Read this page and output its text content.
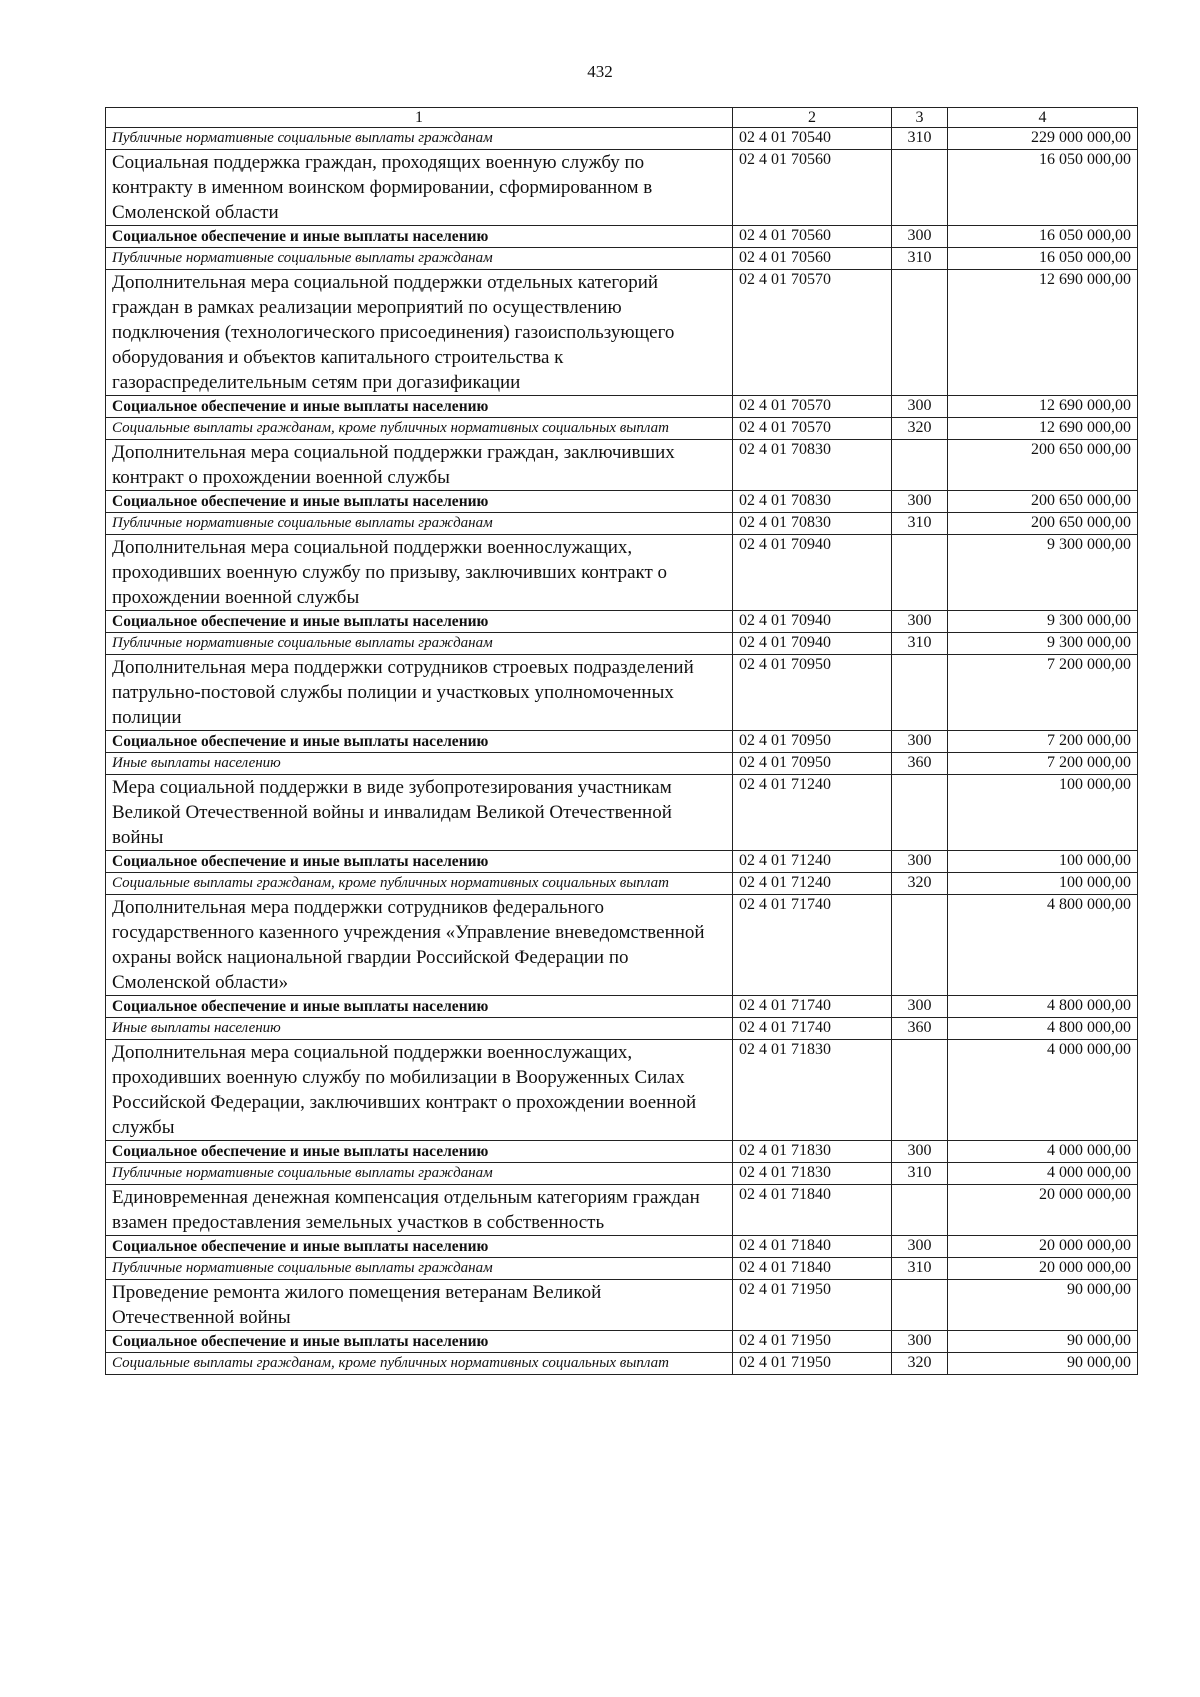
432
1	2	3	4
Публичные нормативные социальные выплаты гражданам	02 4 01 70540	310	229 000 000,00
Социальная поддержка граждан, проходящих военную службу по контракту в именном воинском формировании, сформированном в Смоленской области	02 4 01 70560		16 050 000,00
Социальное обеспечение и иные выплаты населению	02 4 01 70560	300	16 050 000,00
Публичные нормативные социальные выплаты гражданам	02 4 01 70560	310	16 050 000,00
Дополнительная мера социальной поддержки отдельных категорий граждан в рамках реализации мероприятий по осуществлению подключения (технологического присоединения) газоиспользующего оборудования и объектов капитального строительства к газораспределительным сетям при догазификации	02 4 01 70570		12 690 000,00
Социальное обеспечение и иные выплаты населению	02 4 01 70570	300	12 690 000,00
Социальные выплаты гражданам, кроме публичных нормативных социальных выплат	02 4 01 70570	320	12 690 000,00
Дополнительная мера социальной поддержки граждан, заключивших контракт о прохождении военной службы	02 4 01 70830		200 650 000,00
Социальное обеспечение и иные выплаты населению	02 4 01 70830	300	200 650 000,00
Публичные нормативные социальные выплаты гражданам	02 4 01 70830	310	200 650 000,00
Дополнительная мера социальной поддержки военнослужащих, проходивших военную службу по призыву, заключивших контракт о прохождении военной службы	02 4 01 70940		9 300 000,00
Социальное обеспечение и иные выплаты населению	02 4 01 70940	300	9 300 000,00
Публичные нормативные социальные выплаты гражданам	02 4 01 70940	310	9 300 000,00
Дополнительная мера поддержки сотрудников строевых подразделений патрульно-постовой службы полиции и участковых уполномоченных полиции	02 4 01 70950		7 200 000,00
Социальное обеспечение и иные выплаты населению	02 4 01 70950	300	7 200 000,00
Иные выплаты населению	02 4 01 70950	360	7 200 000,00
Мера социальной поддержки в виде зубопротезирования участникам Великой Отечественной войны и инвалидам Великой Отечественной войны	02 4 01 71240		100 000,00
Социальное обеспечение и иные выплаты населению	02 4 01 71240	300	100 000,00
Социальные выплаты гражданам, кроме публичных нормативных социальных выплат	02 4 01 71240	320	100 000,00
Дополнительная мера поддержки сотрудников федерального государственного казенного учреждения «Управление вневедомственной охраны войск национальной гвардии Российской Федерации по Смоленской области»	02 4 01 71740		4 800 000,00
Социальное обеспечение и иные выплаты населению	02 4 01 71740	300	4 800 000,00
Иные выплаты населению	02 4 01 71740	360	4 800 000,00
Дополнительная мера социальной поддержки военнослужащих, проходивших военную службу по мобилизации в Вооруженных Силах Российской Федерации, заключивших контракт о прохождении военной службы	02 4 01 71830		4 000 000,00
Социальное обеспечение и иные выплаты населению	02 4 01 71830	300	4 000 000,00
Публичные нормативные социальные выплаты гражданам	02 4 01 71830	310	4 000 000,00
Единовременная денежная компенсация отдельным категориям граждан взамен предоставления земельных участков в собственность	02 4 01 71840		20 000 000,00
Социальное обеспечение и иные выплаты населению	02 4 01 71840	300	20 000 000,00
Публичные нормативные социальные выплаты гражданам	02 4 01 71840	310	20 000 000,00
Проведение ремонта жилого помещения ветеранам Великой Отечественной войны	02 4 01 71950		90 000,00
Социальное обеспечение и иные выплаты населению	02 4 01 71950	300	90 000,00
Социальные выплаты гражданам, кроме публичных нормативных социальных выплат	02 4 01 71950	320	90 000,00
